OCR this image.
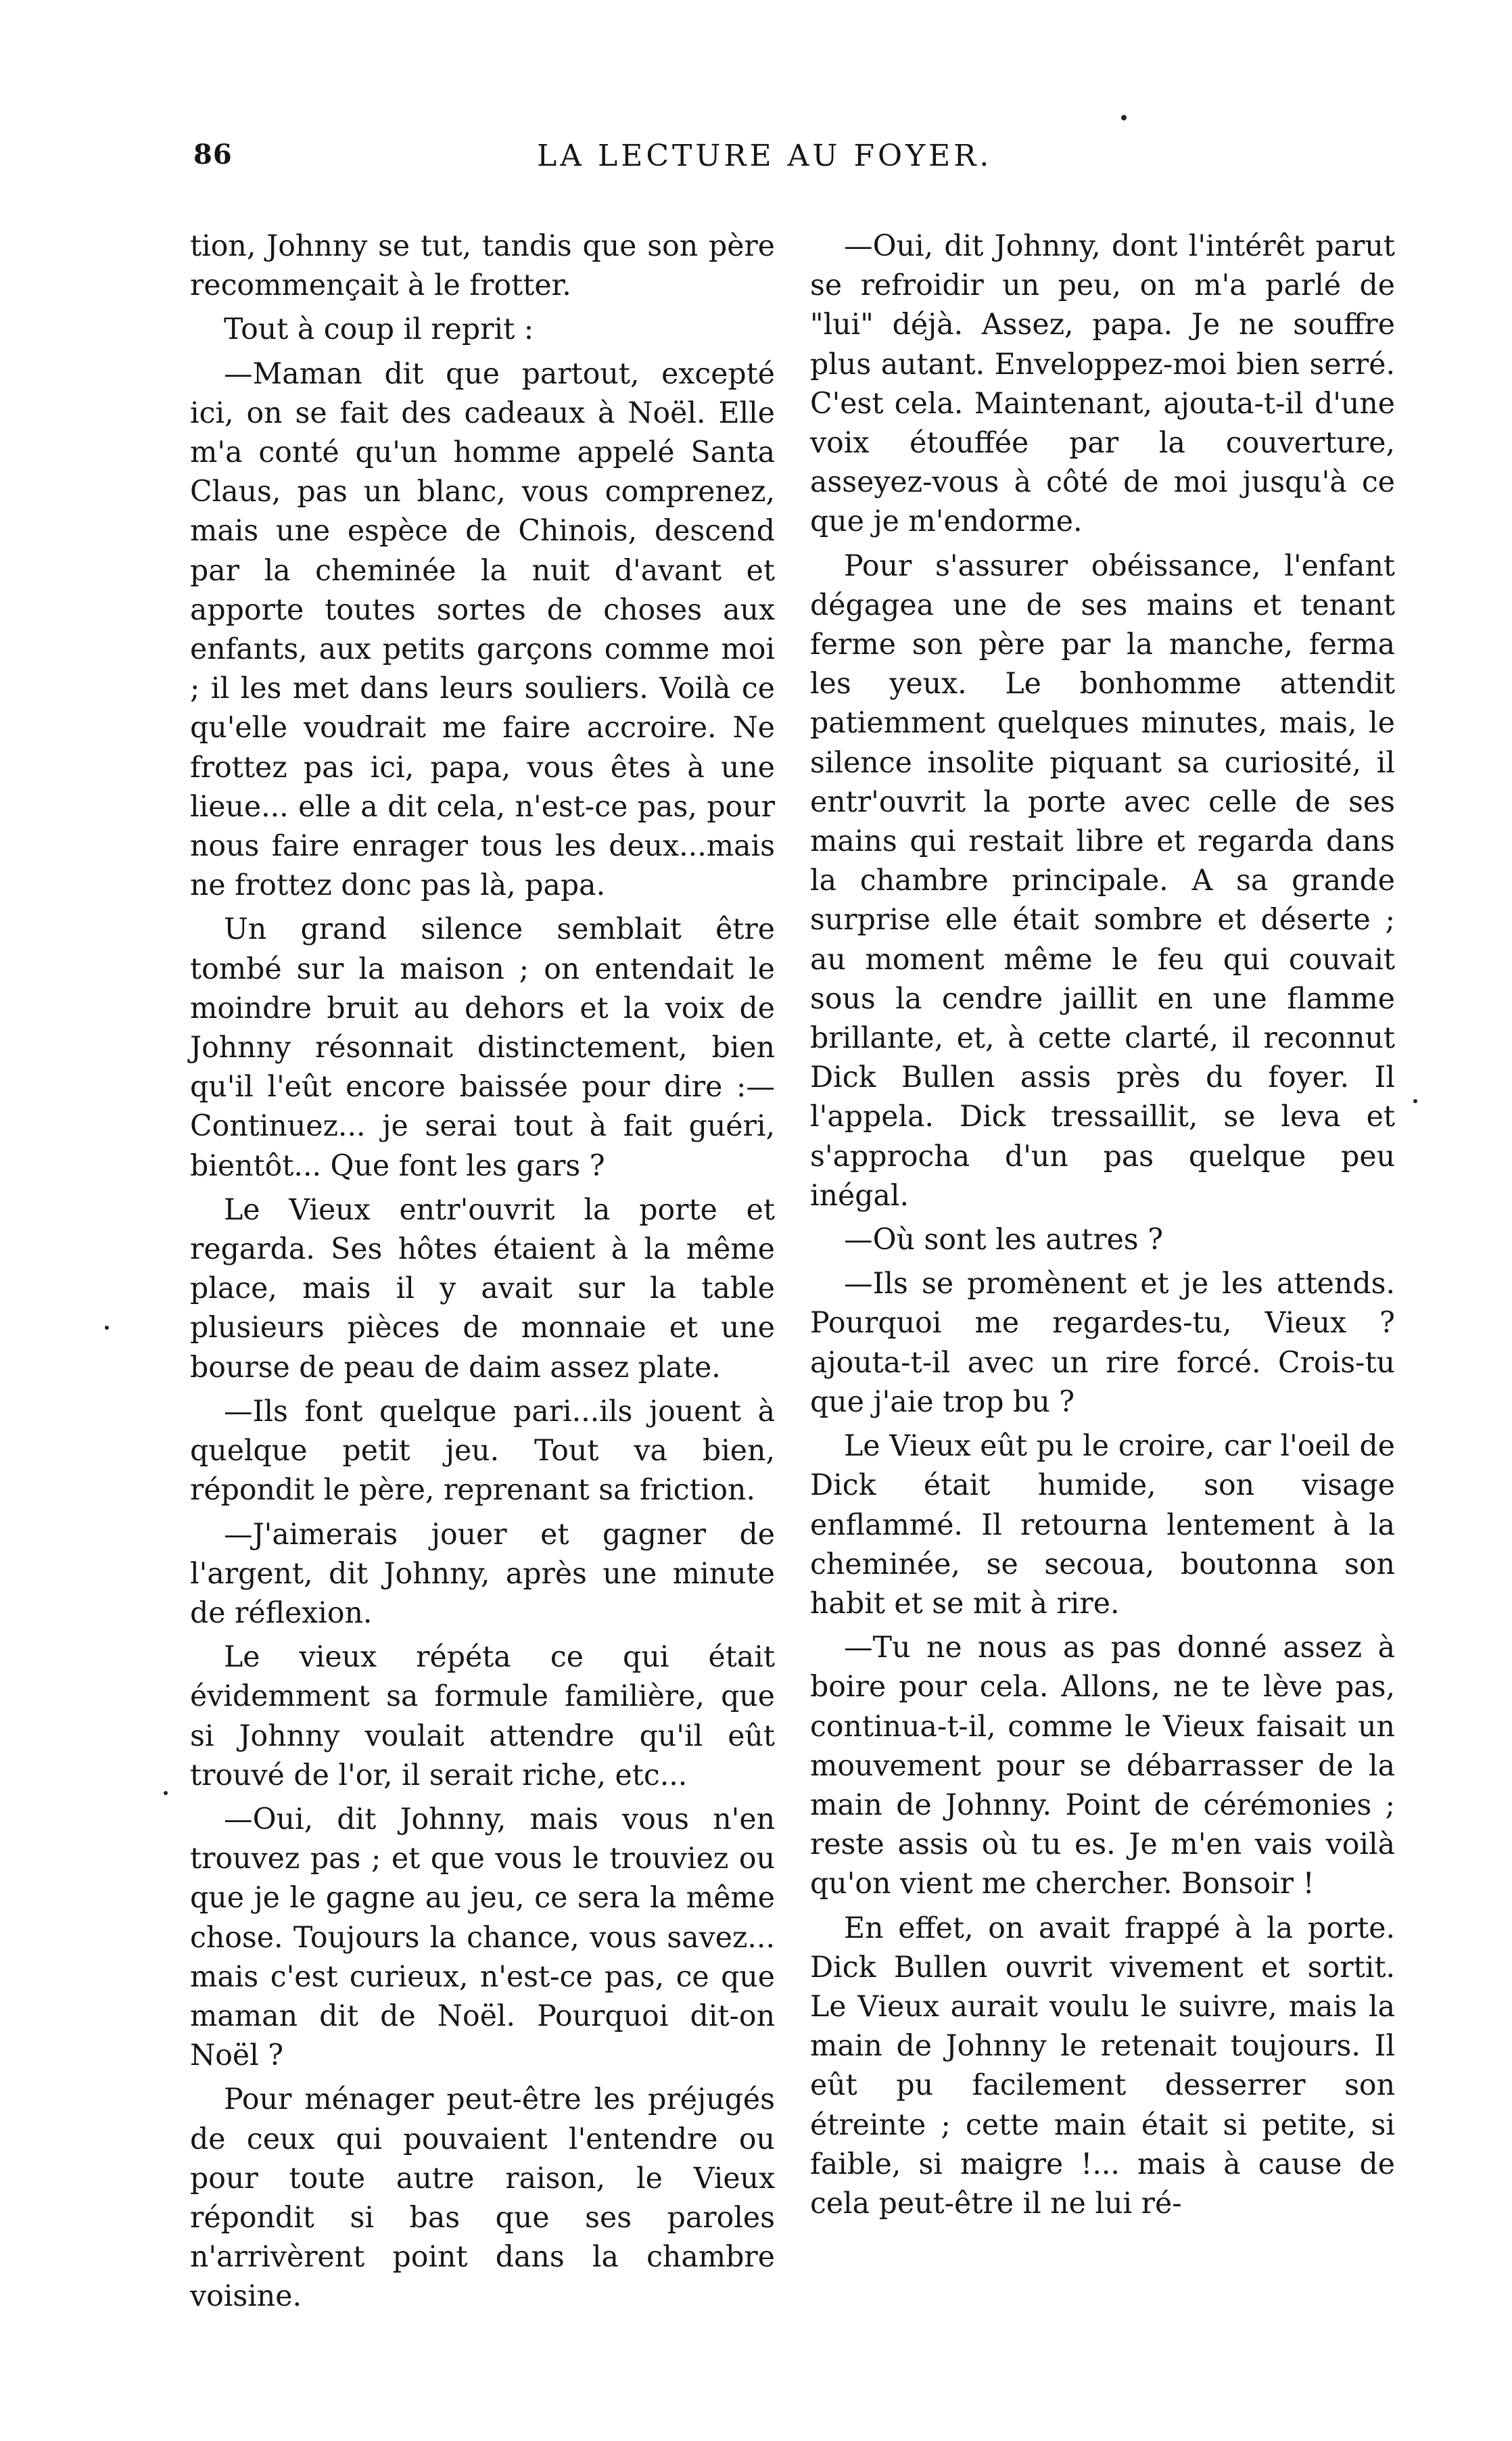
86	LA LECTURE AU FOYER.

tion, Johnny se tut, tandis que son père recommençait à le frotter.

Tout à coup il reprit :

—Maman dit que partout, excepté ici, on se fait des cadeaux à Noël. Elle m'a conté qu'un homme appelé Santa Claus, pas un blanc, vous comprenez, mais une espèce de Chinois, descend par la cheminée la nuit d'avant et apporte toutes sortes de choses aux enfants, aux petits garçons comme moi ; il les met dans leurs souliers. Voilà ce qu'elle voudrait me faire accroire. Ne frottez pas ici, papa, vous êtes à une lieue... elle a dit cela, n'est-ce pas, pour nous faire enrager tous les deux...mais ne frottez donc pas là, papa.

Un grand silence semblait être tombé sur la maison ; on entendait le moindre bruit au dehors et la voix de Johnny résonnait distinctement, bien qu'il l'eût encore baissée pour dire :— Continuez... je serai tout à fait guéri, bientôt... Que font les gars ?

Le Vieux entr'ouvrit la porte et regarda. Ses hôtes étaient à la même place, mais il y avait sur la table plusieurs pièces de monnaie et une bourse de peau de daim assez plate.

—Ils font quelque pari...ils jouent à quelque petit jeu. Tout va bien, répondit le père, reprenant sa friction.

—J'aimerais jouer et gagner de l'argent, dit Johnny, après une minute de réflexion.

Le vieux répéta ce qui était évidemment sa formule familière, que si Johnny voulait attendre qu'il eût trouvé de l'or, il serait riche, etc...

—Oui, dit Johnny, mais vous n'en trouvez pas ; et que vous le trouviez ou que je le gagne au jeu, ce sera la même chose. Toujours la chance, vous savez... mais c'est curieux, n'est-ce pas, ce que maman dit de Noël. Pourquoi dit-on Noël ?

Pour ménager peut-être les préjugés de ceux qui pouvaient l'entendre ou pour toute autre raison, le Vieux répondit si bas que ses paroles n'arrivèrent point dans la chambre voisine.

—Oui, dit Johnny, dont l'intérêt parut se refroidir un peu, on m'a parlé de "lui" déjà. Assez, papa. Je ne souffre plus autant. Enveloppez-moi bien serré. C'est cela. Maintenant, ajouta-t-il d'une voix étouffée par la couverture, asseyez-vous à côté de moi jusqu'à ce que je m'endorme.

Pour s'assurer obéissance, l'enfant dégagea une de ses mains et tenant ferme son père par la manche, ferma les yeux. Le bonhomme attendit patiemment quelques minutes, mais, le silence insolite piquant sa curiosité, il entr'ouvrit la porte avec celle de ses mains qui restait libre et regarda dans la chambre principale. A sa grande surprise elle était sombre et déserte ; au moment même le feu qui couvait sous la cendre jaillit en une flamme brillante, et, à cette clarté, il reconnut Dick Bullen assis près du foyer. Il l'appela. Dick tressaillit, se leva et s'approcha d'un pas quelque peu inégal.

—Où sont les autres ?

—Ils se promènent et je les attends. Pourquoi me regardes-tu, Vieux ? ajouta-t-il avec un rire forcé. Crois-tu que j'aie trop bu ?

Le Vieux eût pu le croire, car l'oeil de Dick était humide, son visage enflammé. Il retourna lentement à la cheminée, se secoua, boutonna son habit et se mit à rire.

—Tu ne nous as pas donné assez à boire pour cela. Allons, ne te lève pas, continua-t-il, comme le Vieux faisait un mouvement pour se débarrasser de la main de Johnny. Point de cérémonies ; reste assis où tu es. Je m'en vais voilà qu'on vient me chercher. Bonsoir !

En effet, on avait frappé à la porte. Dick Bullen ouvrit vivement et sortit. Le Vieux aurait voulu le suivre, mais la main de Johnny le retenait toujours. Il eût pu facilement desserrer son étreinte ; cette main était si petite, si faible, si maigre !... mais à cause de cela peut-être il ne lui ré-
